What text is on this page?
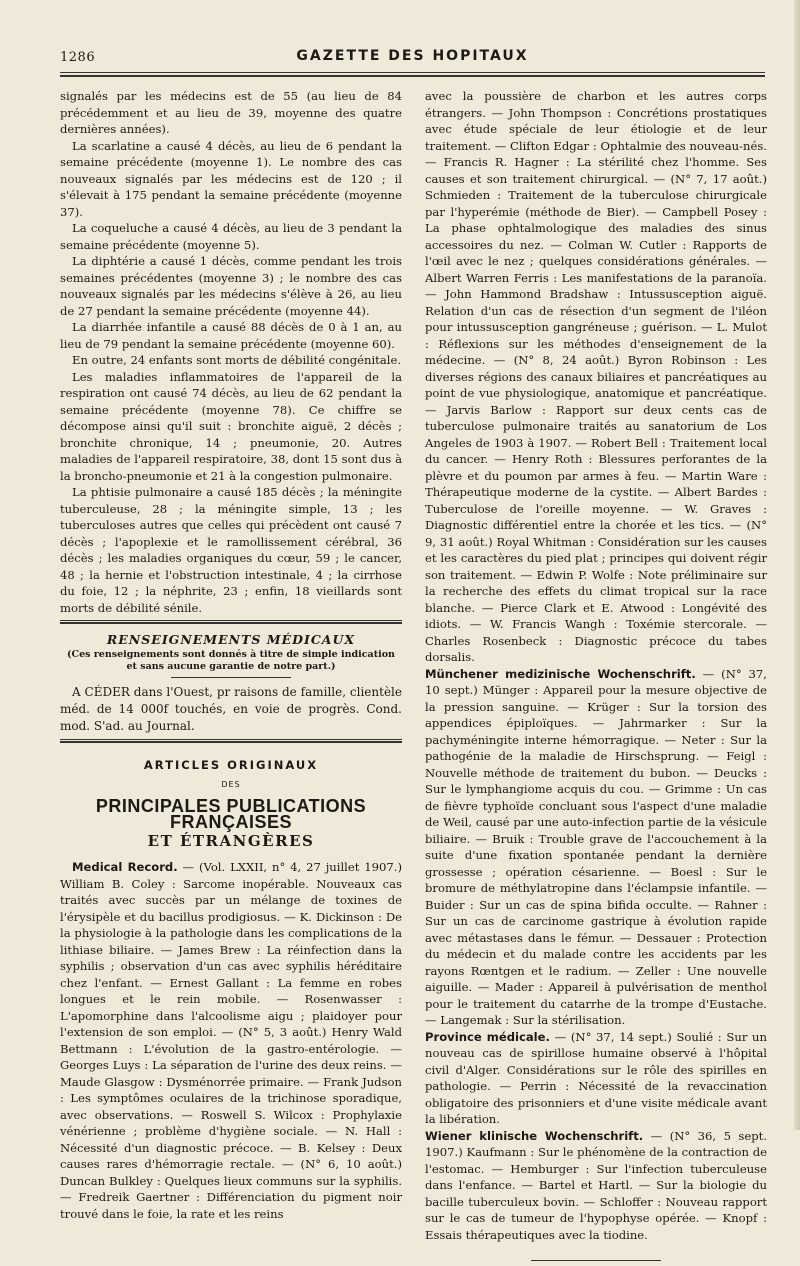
1286	GAZETTE DES HOPITAUX

signalés par les médecins est de 55 (au lieu de 84 précédemment et au lieu de 39, moyenne des quatre dernières années).

La scarlatine a causé 4 décès, au lieu de 6 pendant la semaine précédente (moyenne 1). Le nombre des cas nouveaux signalés par les médecins est de 120 ; il s'élevait à 175 pendant la semaine précédente (moyenne 37).

La coqueluche a causé 4 décès, au lieu de 3 pendant la semaine précédente (moyenne 5).

La diphtérie a causé 1 décès, comme pendant les trois semaines précédentes (moyenne 3) ; le nombre des cas nouveaux signalés par les médecins s'élève à 26, au lieu de 27 pendant la semaine précédente (moyenne 44).

La diarrhée infantile a causé 88 décès de 0 à 1 an, au lieu de 79 pendant la semaine précédente (moyenne 60).

En outre, 24 enfants sont morts de débilité congénitale.

Les maladies inflammatoires de l'appareil de la respiration ont causé 74 décès, au lieu de 62 pendant la semaine précédente (moyenne 78). Ce chiffre se décompose ainsi qu'il suit : bronchite aiguë, 2 décès ; bronchite chronique, 14 ; pneumonie, 20. Autres maladies de l'appareil respiratoire, 38, dont 15 sont dus à la broncho-pneumonie et 21 à la congestion pulmonaire.

La phtisie pulmonaire a causé 185 décès ; la méningite tuberculeuse, 28 ; la méningite simple, 13 ; les tuberculoses autres que celles qui précèdent ont causé 7 décès ; l'apoplexie et le ramollissement cérébral, 36 décès ; les maladies organiques du cœur, 59 ; le cancer, 48 ; la hernie et l'obstruction intestinale, 4 ; la cirrhose du foie, 12 ; la néphrite, 23 ; enfin, 18 vieillards sont morts de débilité sénile.

RENSEIGNEMENTS MÉDICAUX
(Ces renseignements sont donnés à titre de simple indication
et sans aucune garantie de notre part.)

A CÉDER dans l'Ouest, pr raisons de famille, clientèle méd. de 14 000f touchés, en voie de progrès. Cond. mod. S'ad. au Journal.

ARTICLES ORIGINAUX
DES
PRINCIPALES PUBLICATIONS FRANÇAISES
ET ÉTRANGÈRES

Medical Record. — (Vol. LXXII, n° 4, 27 juillet 1907.) William B. Coley : Sarcome inopérable. Nouveaux cas traités avec succès par un mélange de toxines de l'érysipèle et du bacillus prodigiosus. — K. Dickinson : De la physiologie à la pathologie dans les complications de la lithiase biliaire. — James Brew : La réinfection dans la syphilis ; observation d'un cas avec syphilis héréditaire chez l'enfant. — Ernest Gallant : La femme en robes longues et le rein mobile. — Rosenwasser : L'apomorphine dans l'alcoolisme aigu ; plaidoyer pour l'extension de son emploi. — (N° 5, 3 août.) Henry Wald Bettmann : L'évolution de la gastro-entérologie. — Georges Luys : La séparation de l'urine des deux reins. — Maude Glasgow : Dysménorrée primaire. — Frank Judson : Les symptômes oculaires de la trichinose sporadique, avec observations. — Roswell S. Wilcox : Prophylaxie vénérienne ; problème d'hygiène sociale. — N. Hall : Nécessité d'un diagnostic précoce. — B. Kelsey : Deux causes rares d'hémorragie rectale. — (N° 6, 10 août.) Duncan Bulkley : Quelques lieux communs sur la syphilis. — Fredreik Gaertner : Différenciation du pigment noir trouvé dans le foie, la rate et les reins

avec la poussière de charbon et les autres corps étrangers. — John Thompson : Concrétions prostatiques avec étude spéciale de leur étiologie et de leur traitement. — Clifton Edgar : Ophtalmie des nouveau-nés. — Francis R. Hagner : La stérilité chez l'homme. Ses causes et son traitement chirurgical. — (N° 7, 17 août.) Schmieden : Traitement de la tuberculose chirurgicale par l'hyperémie (méthode de Bier). — Campbell Posey : La phase ophtalmologique des maladies des sinus accessoires du nez. — Colman W. Cutler : Rapports de l'œil avec le nez ; quelques considérations générales. — Albert Warren Ferris : Les manifestations de la paranoïa. — John Hammond Bradshaw : Intussusception aiguë. Relation d'un cas de résection d'un segment de l'iléon pour intussusception gangréneuse ; guérison. — L. Mulot : Réflexions sur les méthodes d'enseignement de la médecine. — (N° 8, 24 août.) Byron Robinson : Les diverses régions des canaux biliaires et pancréatiques au point de vue physiologique, anatomique et pancréatique. — Jarvis Barlow : Rapport sur deux cents cas de tuberculose pulmonaire traités au sanatorium de Los Angeles de 1903 à 1907. — Robert Bell : Traitement local du cancer. — Henry Roth : Blessures perforantes de la plèvre et du poumon par armes à feu. — Martin Ware : Thérapeutique moderne de la cystite. — Albert Bardes : Tuberculose de l'oreille moyenne. — W. Graves : Diagnostic différentiel entre la chorée et les tics. — (N° 9, 31 août.) Royal Whitman : Considération sur les causes et les caractères du pied plat ; principes qui doivent régir son traitement. — Edwin P. Wolfe : Note préliminaire sur la recherche des effets du climat tropical sur la race blanche. — Pierce Clark et E. Atwood : Longévité des idiots. — W. Francis Wangh : Toxémie stercorale. — Charles Rosenbeck : Diagnostic précoce du tabes dorsalis.

Münchener medizinische Wochenschrift. — (N° 37, 10 sept.) Münger : Appareil pour la mesure objective de la pression sanguine. — Krüger : Sur la torsion des appendices épiploïques. — Jahrmarker : Sur la pachyméningite interne hémorragique. — Neter : Sur la pathogénie de la maladie de Hirschsprung. — Feigl : Nouvelle méthode de traitement du bubon. — Deucks : Sur le lymphangiome acquis du cou. — Grimme : Un cas de fièvre typhoïde concluant sous l'aspect d'une maladie de Weil, causé par une auto-infection partie de la vésicule biliaire. — Bruik : Trouble grave de l'accouchement à la suite d'une fixation spontanée pendant la dernière grossesse ; opération césarienne. — Boesl : Sur le bromure de méthylatropine dans l'éclampsie infantile. — Buider : Sur un cas de spina bifida occulte. — Rahner : Sur un cas de carcinome gastrique à évolution rapide avec métastases dans le fémur. — Dessauer : Protection du médecin et du malade contre les accidents par les rayons Rœntgen et le radium. — Zeller : Une nouvelle aiguille. — Mader : Appareil à pulvérisation de menthol pour le traitement du catarrhe de la trompe d'Eustache. — Langemak : Sur la stérilisation.

Province médicale. — (N° 37, 14 sept.) Soulié : Sur un nouveau cas de spirillose humaine observé à l'hôpital civil d'Alger. Considérations sur le rôle des spirilles en pathologie. — Perrin : Nécessité de la revaccination obligatoire des prisonniers et d'une visite médicale avant la libération.

Wiener klinische Wochenschrift. — (N° 36, 5 sept. 1907.) Kaufmann : Sur le phénomène de la contraction de l'estomac. — Hemburger : Sur l'infection tuberculeuse dans l'enfance. — Bartel et Hartl. — Sur la biologie du bacille tuberculeux bovin. — Schloffer : Nouveau rapport sur le cas de tumeur de l'hypophyse opérée. — Knopf : Essais thérapeutiques avec la tiodine.
